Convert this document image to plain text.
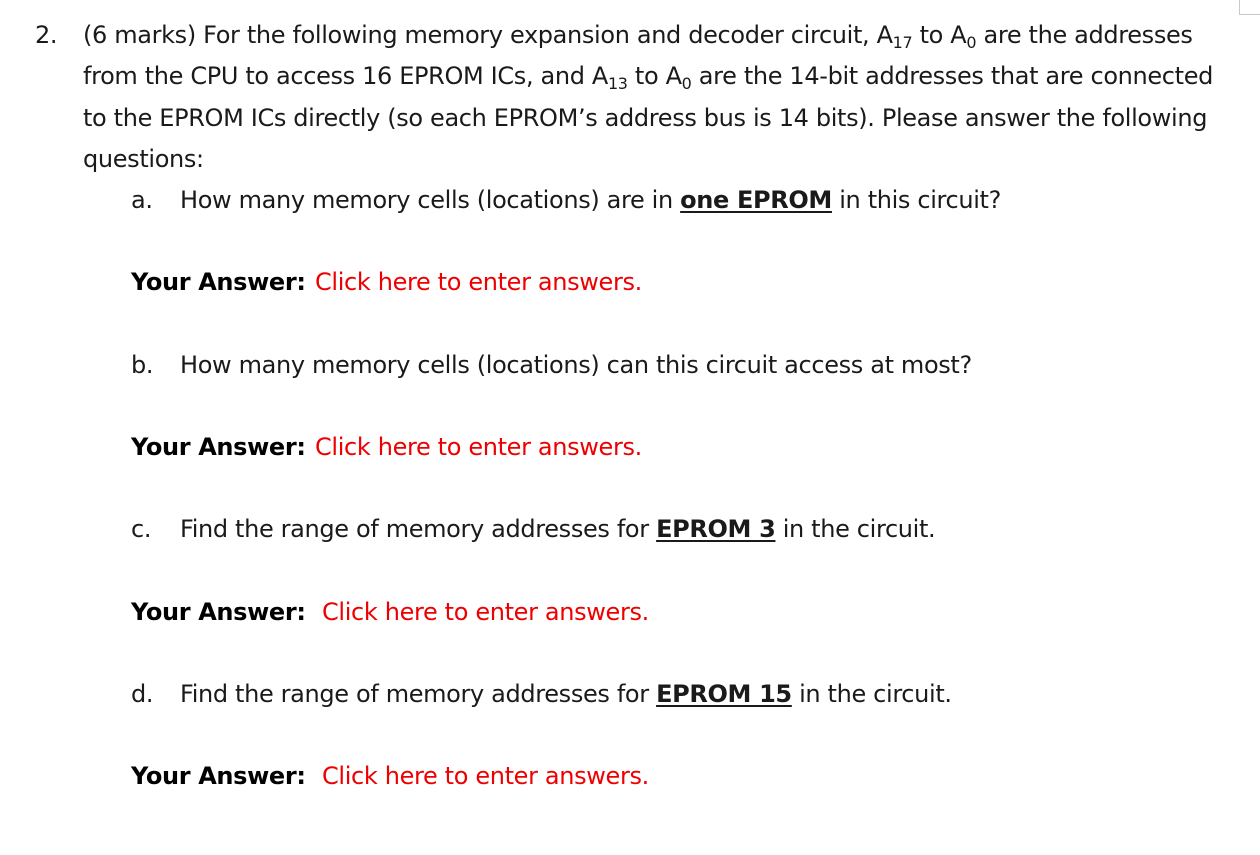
2. (6 marks) For the following memory expansion and decoder circuit, $A_{17}$ to $A_0$ are the addresses
from the CPU to access 16 EPROM ICs, and $A_{13}$ to $A_0$ are the 14-bit addresses that are connected
to the EPROM ICs directly (so each EPROM’s address bus is 14 bits). Please answer the following
questions:
a. How many memory cells (locations) are in one EPROM in this circuit?
Your Answer: Click here to enter answers.
b. How many memory cells (locations) can this circuit access at most?
Your Answer: Click here to enter answers.
c. Find the range of memory addresses for EPROM 3 in the circuit.
Your Answer: Click here to enter answers.
d. Find the range of memory addresses for EPROM 15 in the circuit.
Your Answer: Click here to enter answers.
